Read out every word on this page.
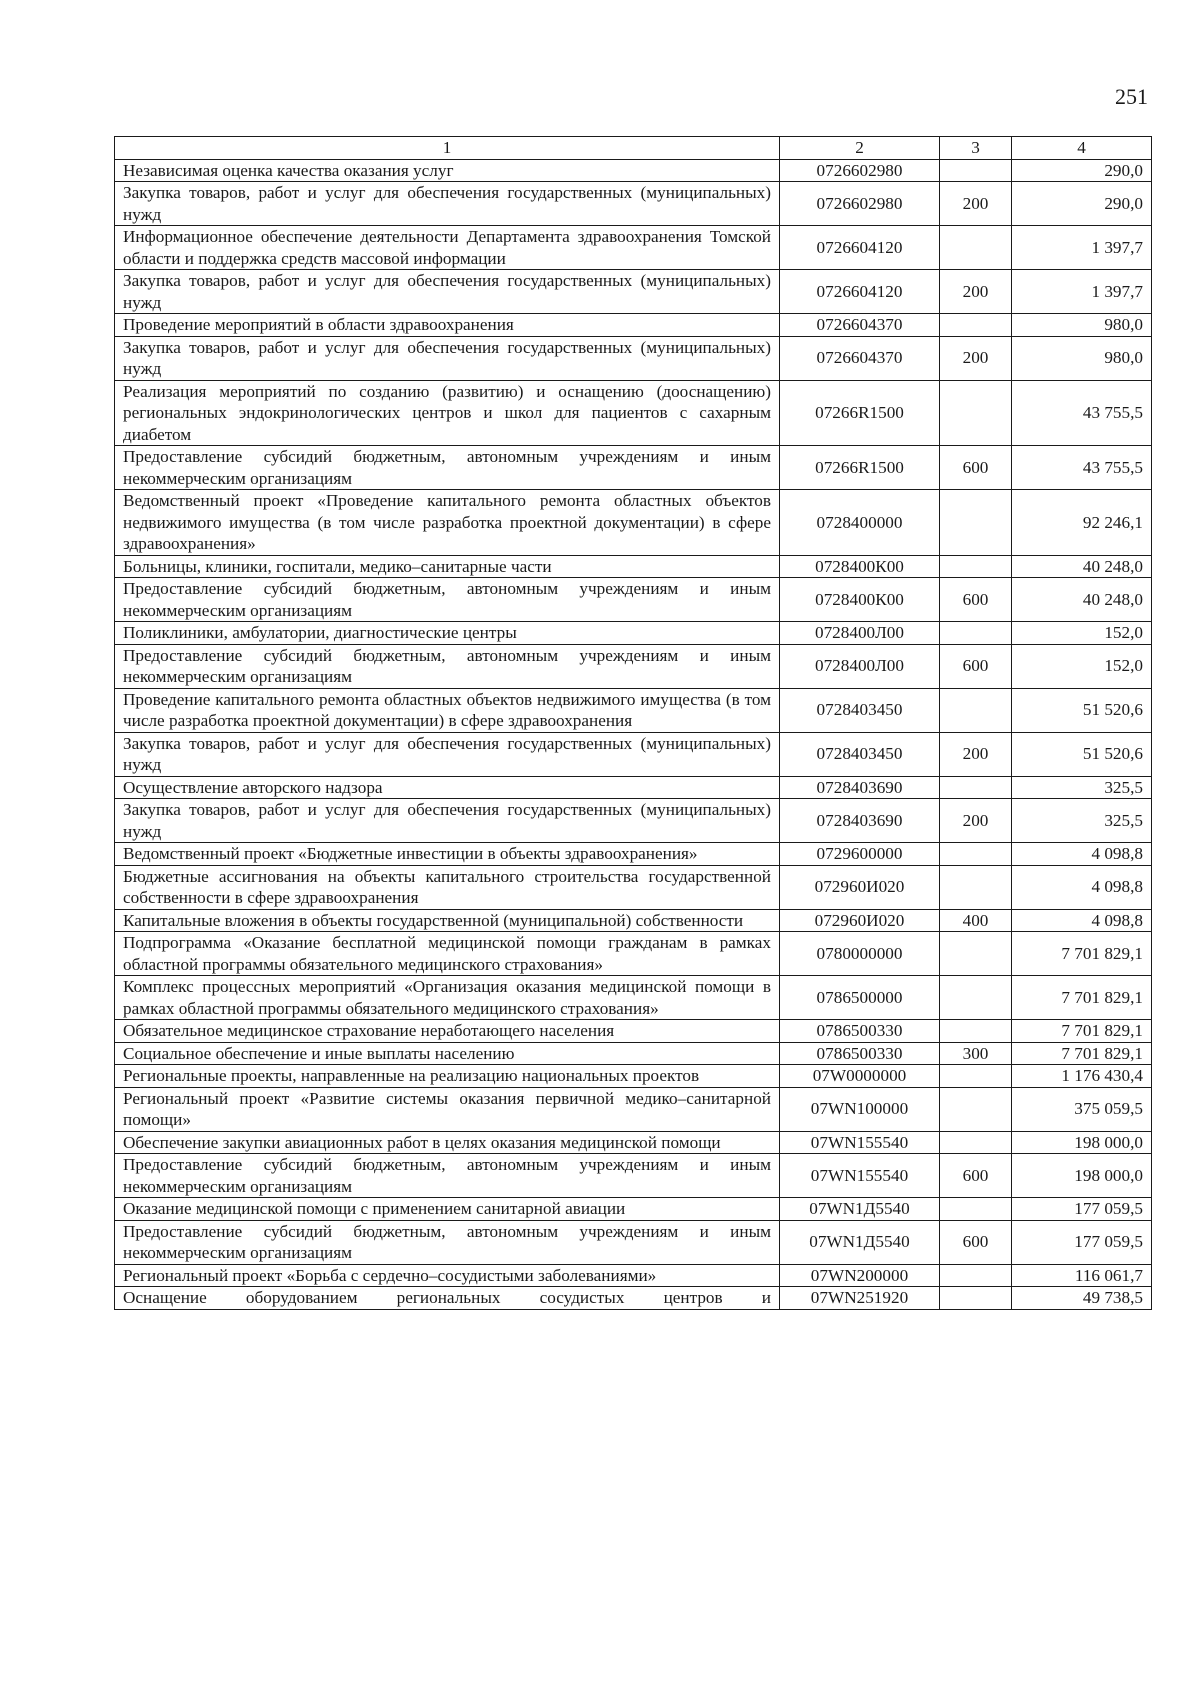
251
1	2	3	4
Независимая оценка качества оказания услуг	0726602980		290,0
Закупка товаров, работ и услуг для обеспечения государственных (муниципальных) нужд	0726602980	200	290,0
Информационное обеспечение деятельности Департамента здравоохранения Томской области и поддержка средств массовой информации	0726604120		1 397,7
Закупка товаров, работ и услуг для обеспечения государственных (муниципальных) нужд	0726604120	200	1 397,7
Проведение мероприятий в области здравоохранения	0726604370		980,0
Закупка товаров, работ и услуг для обеспечения государственных (муниципальных) нужд	0726604370	200	980,0
Реализация мероприятий по созданию (развитию) и оснащению (дооснащению) региональных эндокринологических центров и школ для пациентов с сахарным диабетом	07266R1500		43 755,5
Предоставление субсидий бюджетным, автономным учреждениям и иным некоммерческим организациям	07266R1500	600	43 755,5
Ведомственный проект «Проведение капитального ремонта областных объектов недвижимого имущества (в том числе разработка проектной документации) в сфере здравоохранения»	0728400000		92 246,1
Больницы, клиники, госпитали, медико–санитарные части	0728400К00		40 248,0
Предоставление субсидий бюджетным, автономным учреждениям и иным некоммерческим организациям	0728400К00	600	40 248,0
Поликлиники, амбулатории, диагностические центры	0728400Л00		152,0
Предоставление субсидий бюджетным, автономным учреждениям и иным некоммерческим организациям	0728400Л00	600	152,0
Проведение капитального ремонта областных объектов недвижимого имущества (в том числе разработка проектной документации) в сфере здравоохранения	0728403450		51 520,6
Закупка товаров, работ и услуг для обеспечения государственных (муниципальных) нужд	0728403450	200	51 520,6
Осуществление авторского надзора	0728403690		325,5
Закупка товаров, работ и услуг для обеспечения государственных (муниципальных) нужд	0728403690	200	325,5
Ведомственный проект «Бюджетные инвестиции в объекты здравоохранения»	0729600000		4 098,8
Бюджетные ассигнования на объекты капитального строительства государственной собственности в сфере здравоохранения	072960И020		4 098,8
Капитальные вложения в объекты государственной (муниципальной) собственности	072960И020	400	4 098,8
Подпрограмма «Оказание бесплатной медицинской помощи гражданам в рамках областной программы обязательного медицинского страхования»	0780000000		7 701 829,1
Комплекс процессных мероприятий «Организация оказания медицинской помощи в рамках областной программы обязательного медицинского страхования»	0786500000		7 701 829,1
Обязательное медицинское страхование неработающего населения	0786500330		7 701 829,1
Социальное обеспечение и иные выплаты населению	0786500330	300	7 701 829,1
Региональные проекты, направленные на реализацию национальных проектов	07W0000000		1 176 430,4
Региональный проект «Развитие системы оказания первичной медико–санитарной помощи»	07WN100000		375 059,5
Обеспечение закупки авиационных работ в целях оказания медицинской помощи	07WN155540		198 000,0
Предоставление субсидий бюджетным, автономным учреждениям и иным некоммерческим организациям	07WN155540	600	198 000,0
Оказание медицинской помощи с применением санитарной авиации	07WN1Д5540		177 059,5
Предоставление субсидий бюджетным, автономным учреждениям и иным некоммерческим организациям	07WN1Д5540	600	177 059,5
Региональный проект «Борьба с сердечно–сосудистыми заболеваниями»	07WN200000		116 061,7
Оснащение оборудованием региональных сосудистых центров и	07WN251920		49 738,5
